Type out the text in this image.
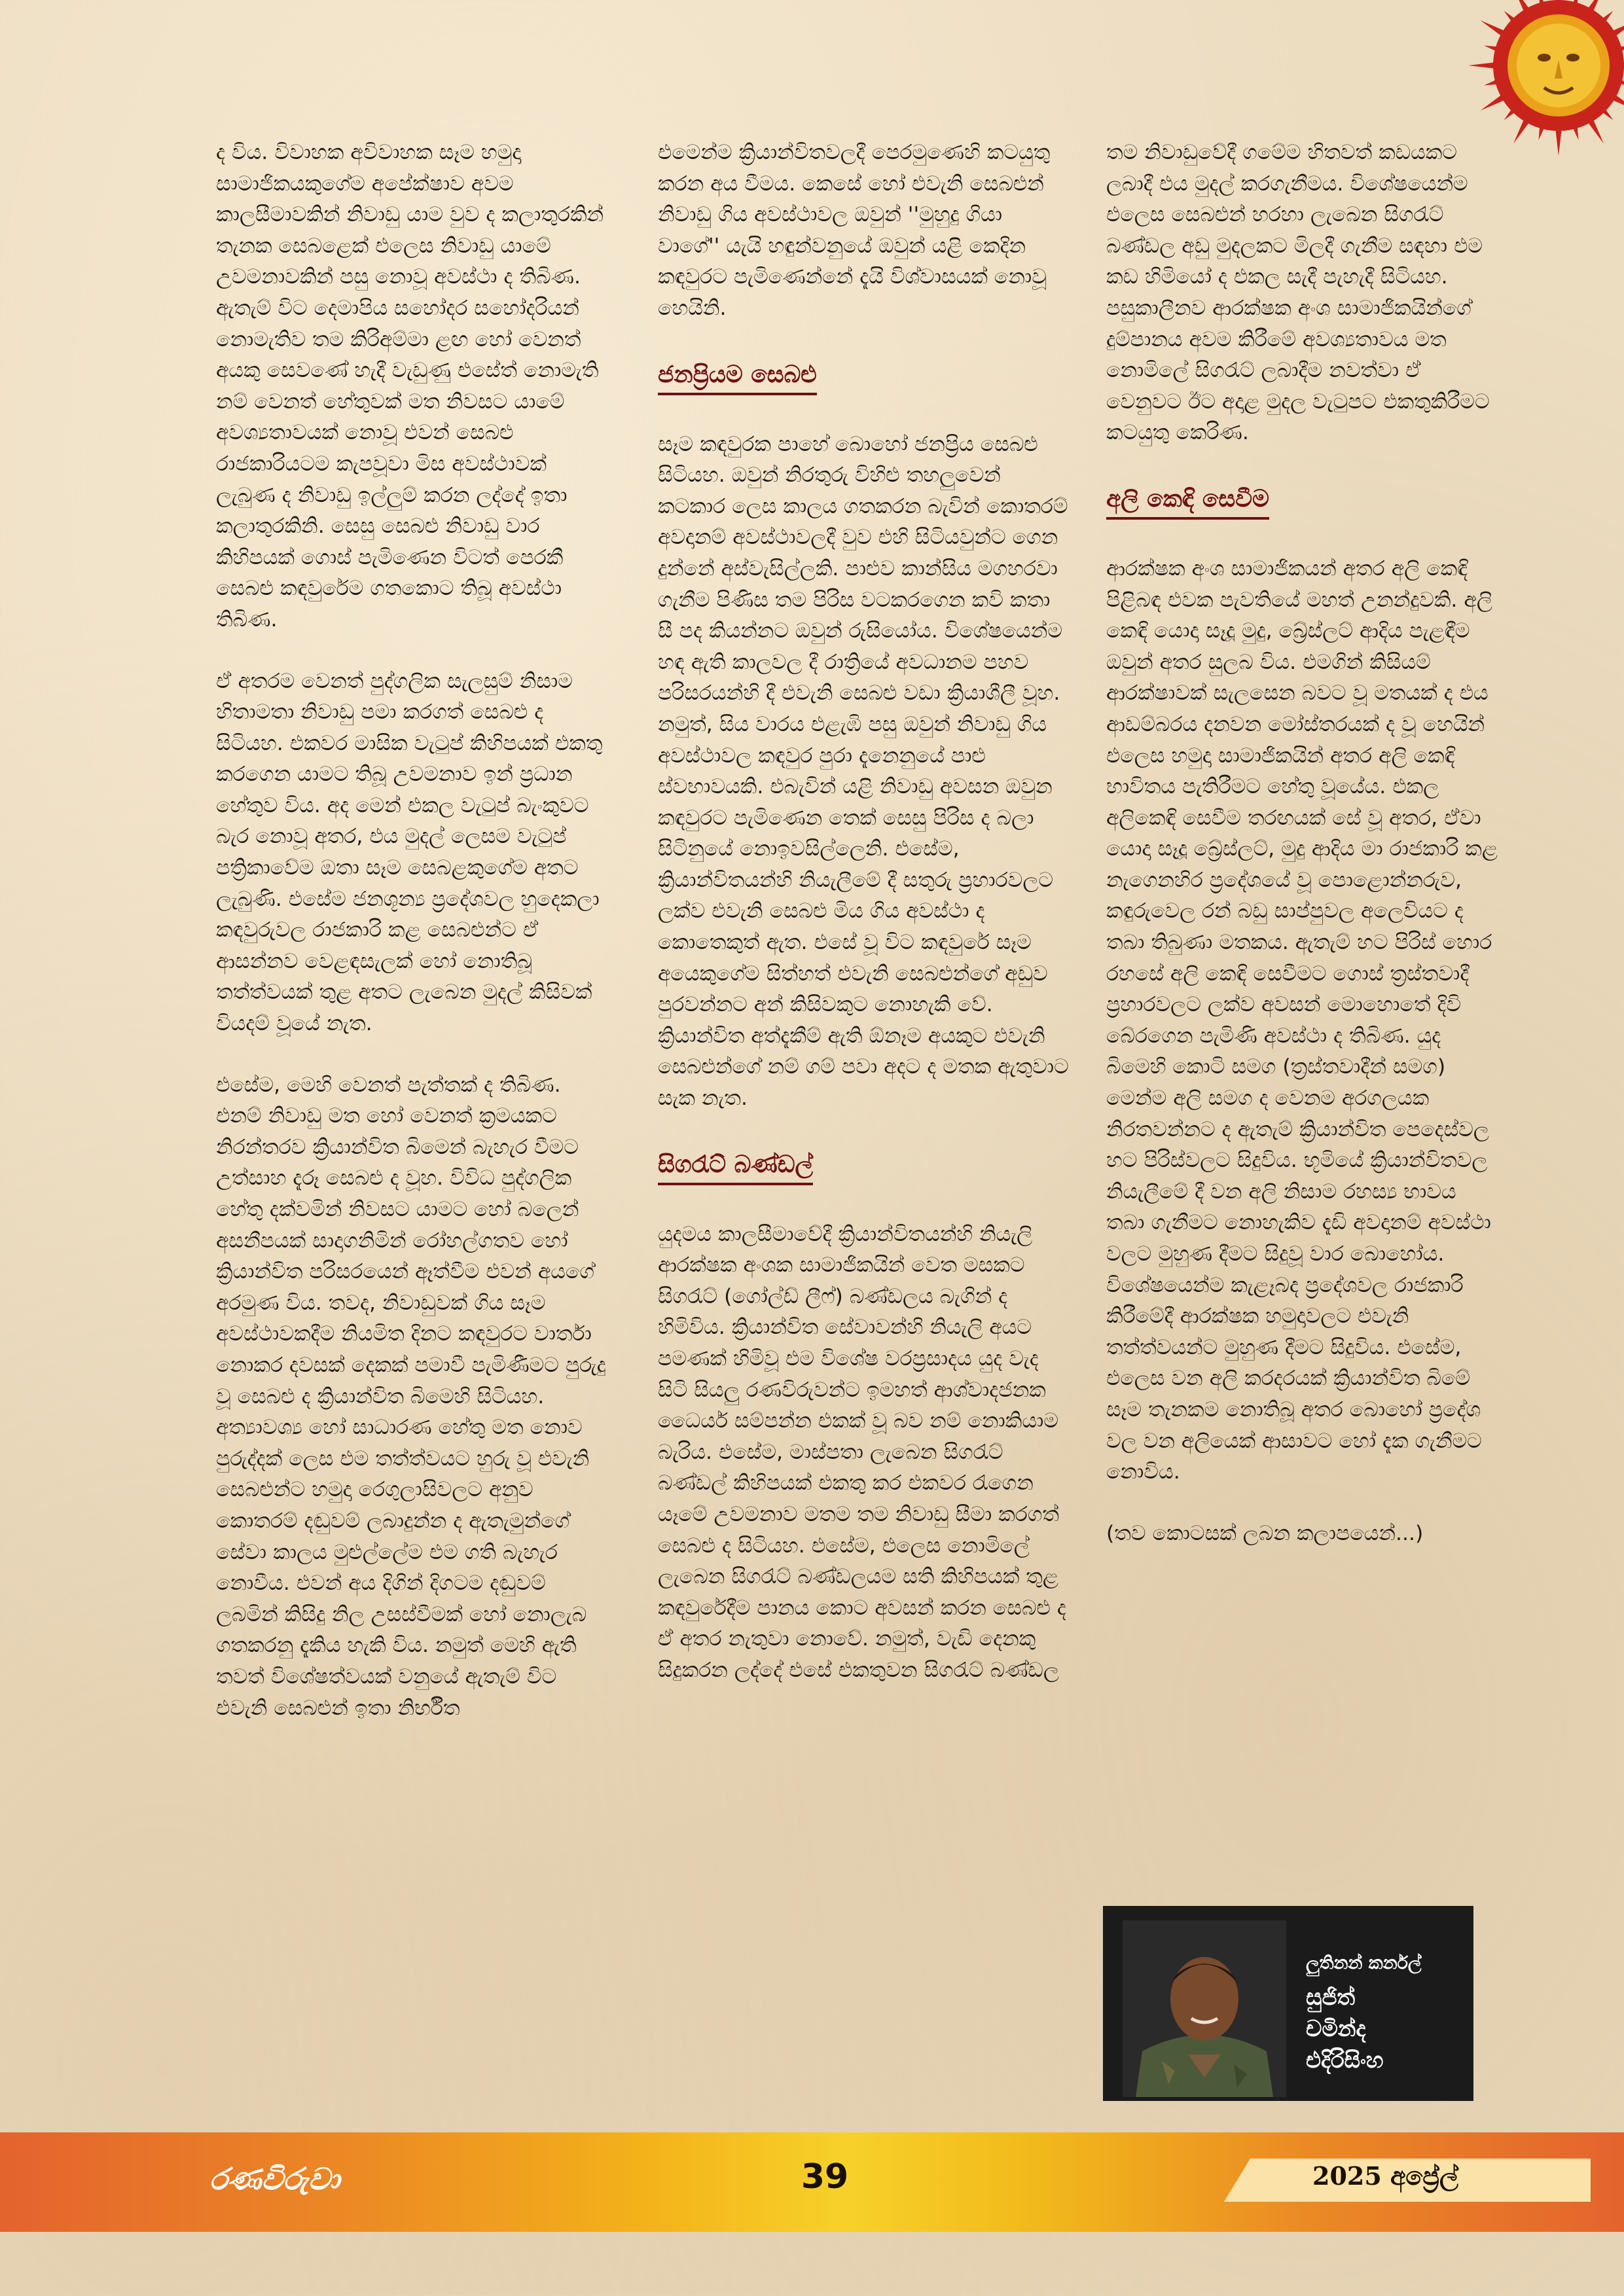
ද විය. විවාහක අවිවාහක සෑම හමුදා සාමාජිකයකුගේම අපේක්ෂාව අවම කාලසීමාවකින් නිවාඩු යාම වුව ද කලාතුරකින් තැනක සෙබළෙක් එලෙස නිවාඩු යාමේ උවමනාවකින් පසු නොවූ අවස්ථා ද තිබිණ. ඇතැම් විට දෙමාපිය සහෝදර සහෝදරියන් නොමැතිව තම කිරිඅම්මා ළඟ හෝ වෙනත් අයකු සෙවණේ හැදී වැඩුණු එසේත් නොමැති නම් වෙනත් හේතුවක් මත නිවසට යාමේ අවශ්‍යතාවයක් නොවූ එවන් සෙබළු රාජකාරියටම කැපවූවා මිස අවස්ථාවක් ලැබුණ ද නිවාඩු ඉල්ලුම් කරන ලද්දේ ඉතා කලාතුරකිනි. සෙසු සෙබළු නිවාඩු වාර කිහිපයක් ගොස් පැමිණෙන විටත් පෙරකී සෙබළු කඳවුරේම ගතකොට තිබූ අවස්ථා තිබිණ.

ඒ අතරම වෙනත් පුද්ගලික සැලසුම් නිසාම හිතාමතා නිවාඩු පමා කරගත් සෙබළු ද සිටියහ. එකවර මාසික වැටුප් කිහිපයක් එකතු කරගෙන යාමට තිබූ උවමනාව ඉන් ප්‍රධාන හේතුව විය. අද මෙන් එකල වැටුප් බැංකුවට බැර නොවූ අතර, එය මුදල් ලෙසම වැටුප් පත්‍රිකාවේම ඔතා සෑම සෙබළකුගේම අතට ලැබුණි. එසේම ජනශූන්‍ය ප්‍රදේශවල හුදෙකලා කඳවුරුවල රාජකාරි කළ සෙබළුන්ට ඒ ආසන්නව වෙළඳසැලක් හෝ නොතිබූ තත්ත්වයක් තුළ අතට ලැබෙන මුදල් කිසිවක් වියදම් වූයේ නැත.

එසේම, මෙහි වෙනත් පැත්තක් ද තිබිණ. එනම් නිවාඩු මත හෝ වෙනත් ක්‍රමයකට නිරන්තරව ක්‍රියාන්විත බිමෙන් බැහැර වීමට උත්සාහ දැරූ සෙබළු ද වූහ. විවිධ පුද්ගලික හේතු දක්වමින් නිවසට යාමට හෝ බලෙන් අසනීපයක් සාදාගනිමින් රෝහල්ගතව හෝ ක්‍රියාන්විත පරිසරයෙන් ඈත්වීම එවන් අයගේ අරමුණ විය. තවද, නිවාඩුවක් ගිය සෑම අවස්ථාවකදීම නියමිත දිනට කඳවුරට වාර්තා නොකර දවසක් දෙකක් පමාවී පැමිණීමට පුරුදු වූ සෙබළු ද ක්‍රියාන්විත බිමෙහි සිටියහ. අත්‍යාවශ්‍ය හෝ සාධාරණ හේතු මත නොව පුරුද්දක් ලෙස එම තත්ත්වයට හුරු වූ එවැනි සෙබළුන්ට හමුදා රෙගුලාසිවලට අනුව කොතරම් දඬුවම් ලබාදුන්න ද ඇතැමුන්ගේ සේවා කාලය මුළුල්ලේම එම ගති බැහැර නොවීය. එවන් අය දිගින් දිගටම දඬුවම් ලබමින් කිසිදු නිල උසස්වීමක් හෝ නොලැබ ගතකරනු දැකිය හැකි විය. නමුත් මෙහි ඇති තවත් විශේෂත්වයක් වනුයේ ඇතැම් විට එවැනි සෙබළුන් ඉතා නිර්භීත

එමෙන්ම ක්‍රියාන්විතවලදී පෙරමුණෙහි කටයුතු කරන අය වීමය. කෙසේ හෝ එවැනි සෙබළුන් නිවාඩු ගිය අවස්ථාවල ඔවුන් ''මුහුදු ගියා වාගේ'' යැයි හඳුන්වනුයේ ඔවුන් යළි කෙදින කඳවුරට පැමිණෙන්නේ දැයි විශ්වාසයක් නොවූ හෙයිනි.

ජනප්‍රියම සෙබළු

සෑම කඳවුරක පාහේ බොහෝ ජනප්‍රිය සෙබළු සිටියහ. ඔවුන් නිරතුරු විහිළු තහලුවෙන් කටකාර ලෙස කාලය ගතකරන බැවින් කොතරම් අවදානම් අවස්ථාවලදී වුව එහි සිටියවුන්ට ගෙන දුන්නේ අස්වැසිල්ලකි. පාළුව කාන්සිය මගහරවා ගැනීම පිණිස තම පිරිස වටකරගෙන කවි කතා සී පද කියන්නට ඔවුන් රුසියෝය. විශේෂයෙන්ම හඳ ඇති කාලවල දී රාත්‍රියේ අවධානම පහව පරිසරයන්හි දී එවැනි සෙබළු වඩා ක්‍රියාශීලී වූහ. නමුත්, සිය වාරය එළැඹි පසු ඔවුන් නිවාඩු ගිය අවස්ථාවල කඳවුර පුරා දැනෙනුයේ පාළු ස්වභාවයකි. එබැවින් යළි නිවාඩු අවසන ඔවුන කඳවුරට පැමිණෙන තෙක් සෙසු පිරිස ද බලා සිටිනුයේ නොඉවසිල්ලෙනි. එසේම, ක්‍රියාන්විතයන්හි නියැලීමේ දී සතුරු ප්‍රහාරවලට ලක්ව එවැනි සෙබළු මිය ගිය අවස්ථා ද කොතෙකුත් ඇත. එසේ වූ විට කඳවුරේ සෑම අයෙකුගේම සිත්හත් එවැනි සෙබළුන්ගේ අඩුව පුරවන්නට අන් කිසිවකුට නොහැකි වේ. ක්‍රියාන්විත අත්දැකීම් ඇති ඕනෑම අයකුට එවැනි සෙබළුන්ගේ නම් ගම් පවා අදට ද මතක ඇතුවාට සැක නැත.

සිගරැට් බණ්ඩල්

යුදමය කාලසීමාවේදී ක්‍රියාන්විතයන්හි නියැලි ආරක්ෂක අංශක සාමාජිකයින් වෙත මසකට සිගරැට් (ගෝල්ඩ් ලීෆ්) බණ්ඩලය බැගින් ද හිමිවිය. ක්‍රියාන්විත සේවාවන්හි නියැලි අයට පමණක් හිමිවූ එම විශේෂ වරප්‍රසාදය යුද වැද සිටි සියලු රණවිරුවන්ට ඉමහත් ආශ්වාදජනක ධෛර්ය සම්පන්න එකක් වූ බව නම් නොකියාම බැරිය. එසේම, මාස්පතා ලැබෙන සිගරැට් බණ්ඩල් කිහිපයක් එකතු කර එකවර රැගෙන යෑමේ උවමනාව මතම තම නිවාඩු සීමා කරගත් සෙබළු ද සිටියහ. එසේම, එලෙස නොමිලේ ලැබෙන සිගරැට් බණ්ඩලයම සති කිහිපයක් තුළ කඳවුරේදීම පානය කොට අවසන් කරන සෙබළු ද ඒ අතර නැතුවා නොවේ. නමුත්, වැඩි දෙනකු සිදුකරන ලද්දේ එසේ එකතුවන සිගරැට් බණ්ඩල

තම නිවාඩුවේදී ගමේම හිතවත් කඩයකට ලබාදී එය මුදල් කරගැනීමය. විශේෂයෙන්ම එලෙස සෙබළුන් හරහා ලැබෙන සිගරැට් බණ්ඩල අඩු මුදලකට මිලදී ගැනීම සඳහා එම කඩ හිමියෝ ද එකල සැදී පැහැදී සිටියහ. පසුකාලීනව ආරක්ෂක අංශ සාමාජිකයින්ගේ දුම්පානය අවම කිරීමේ අවශ්‍යතාවය මත නොමිලේ සිගරැට් ලබාදීම නවත්වා ඒ වෙනුවට ඊට අදාළ මුදල වැටුපට එකතුකිරීමට කටයුතු කෙරිණ.

අලි කෙඳි සෙවීම

ආරක්ෂක අංශ සාමාජිකයන් අතර අලි කෙඳි පිළිබඳ එවක පැවතියේ මහත් උනන්දුවකි. අලි කෙඳි යොදා සෑදූ මුදු, බ්‍රේස්ලට් ආදිය පැළඳීම ඔවුන් අතර සුලබ විය. එමගින් කිසියම් ආරක්ෂාවක් සැලසෙන බවට වූ මතයක් ද එය ආඩම්බරය දනවන මෝස්තරයක් ද වූ හෙයින් එලෙස හමුදා සාමාජිකයින් අතර අලි කෙඳි භාවිතය පැතිරීමට හේතු වූයේය. එකල අලිකෙඳි සෙවීම තරඟයක් සේ වූ අතර, ඒවා යොදා සෑදූ බ්‍රේස්ලට්, මුදු ආදිය මා රාජකාරි කළ නැගෙනහිර ප්‍රදේශයේ වූ පොළොන්නරුව, කඳුරුවෙල රන් බඩු සාප්පුවල අලෙවියට ද තබා තිබුණා මතකය. ඇතැම් හට පිරිස් හොර රහසේ අලි කෙඳි සෙවීමට ගොස් ත්‍රස්තවාදී ප්‍රහාරවලට ලක්ව අවසන් මොහොතේ දිවි බේරගෙන පැමිණි අවස්ථා ද තිබිණ. යුද බිමෙහි කොටි සමග (ත්‍රස්තවාදීන් සමග) මෙන්ම අලි සමග ද වෙනම අරගලයක නිරතවන්නට ද ඇතැම් ක්‍රියාන්විත පෙදෙස්වල හට පිරිස්වලට සිදුවිය. භූමියේ ක්‍රියාන්විතවල නියැලීමේ දී වන අලි නිසාම රහස්‍ය භාවය තබා ගැනීමට නොහැකිව දැඩි අවදානම් අවස්ථා වලට මුහුණ දීමට සිදුවූ වාර බොහෝය. විශේෂයෙන්ම කැළෑබද ප්‍රදේශවල රාජකාරි කිරීමේදී ආරක්ෂක හමුදාවලට එවැනි තත්ත්වයන්ට මුහුණ දීමට සිදුවිය. එසේම, එලෙස වන අලි කරදරයක් ක්‍රියාන්විත බිමේ සෑම තැනකම නොතිබූ අතර බොහෝ ප්‍රදේශ වල වන අලියෙක් ආසාවට හෝ දැක ගැනීමට නොවිය.

(තව කොටසක් ලබන කලාපයෙන්...)

ලුතිනන් කර්නල්
සුජිත්
චමින්ද
එදිරිසිංහ
රණවිරුවා	39	2025 අප්‍රේල්
